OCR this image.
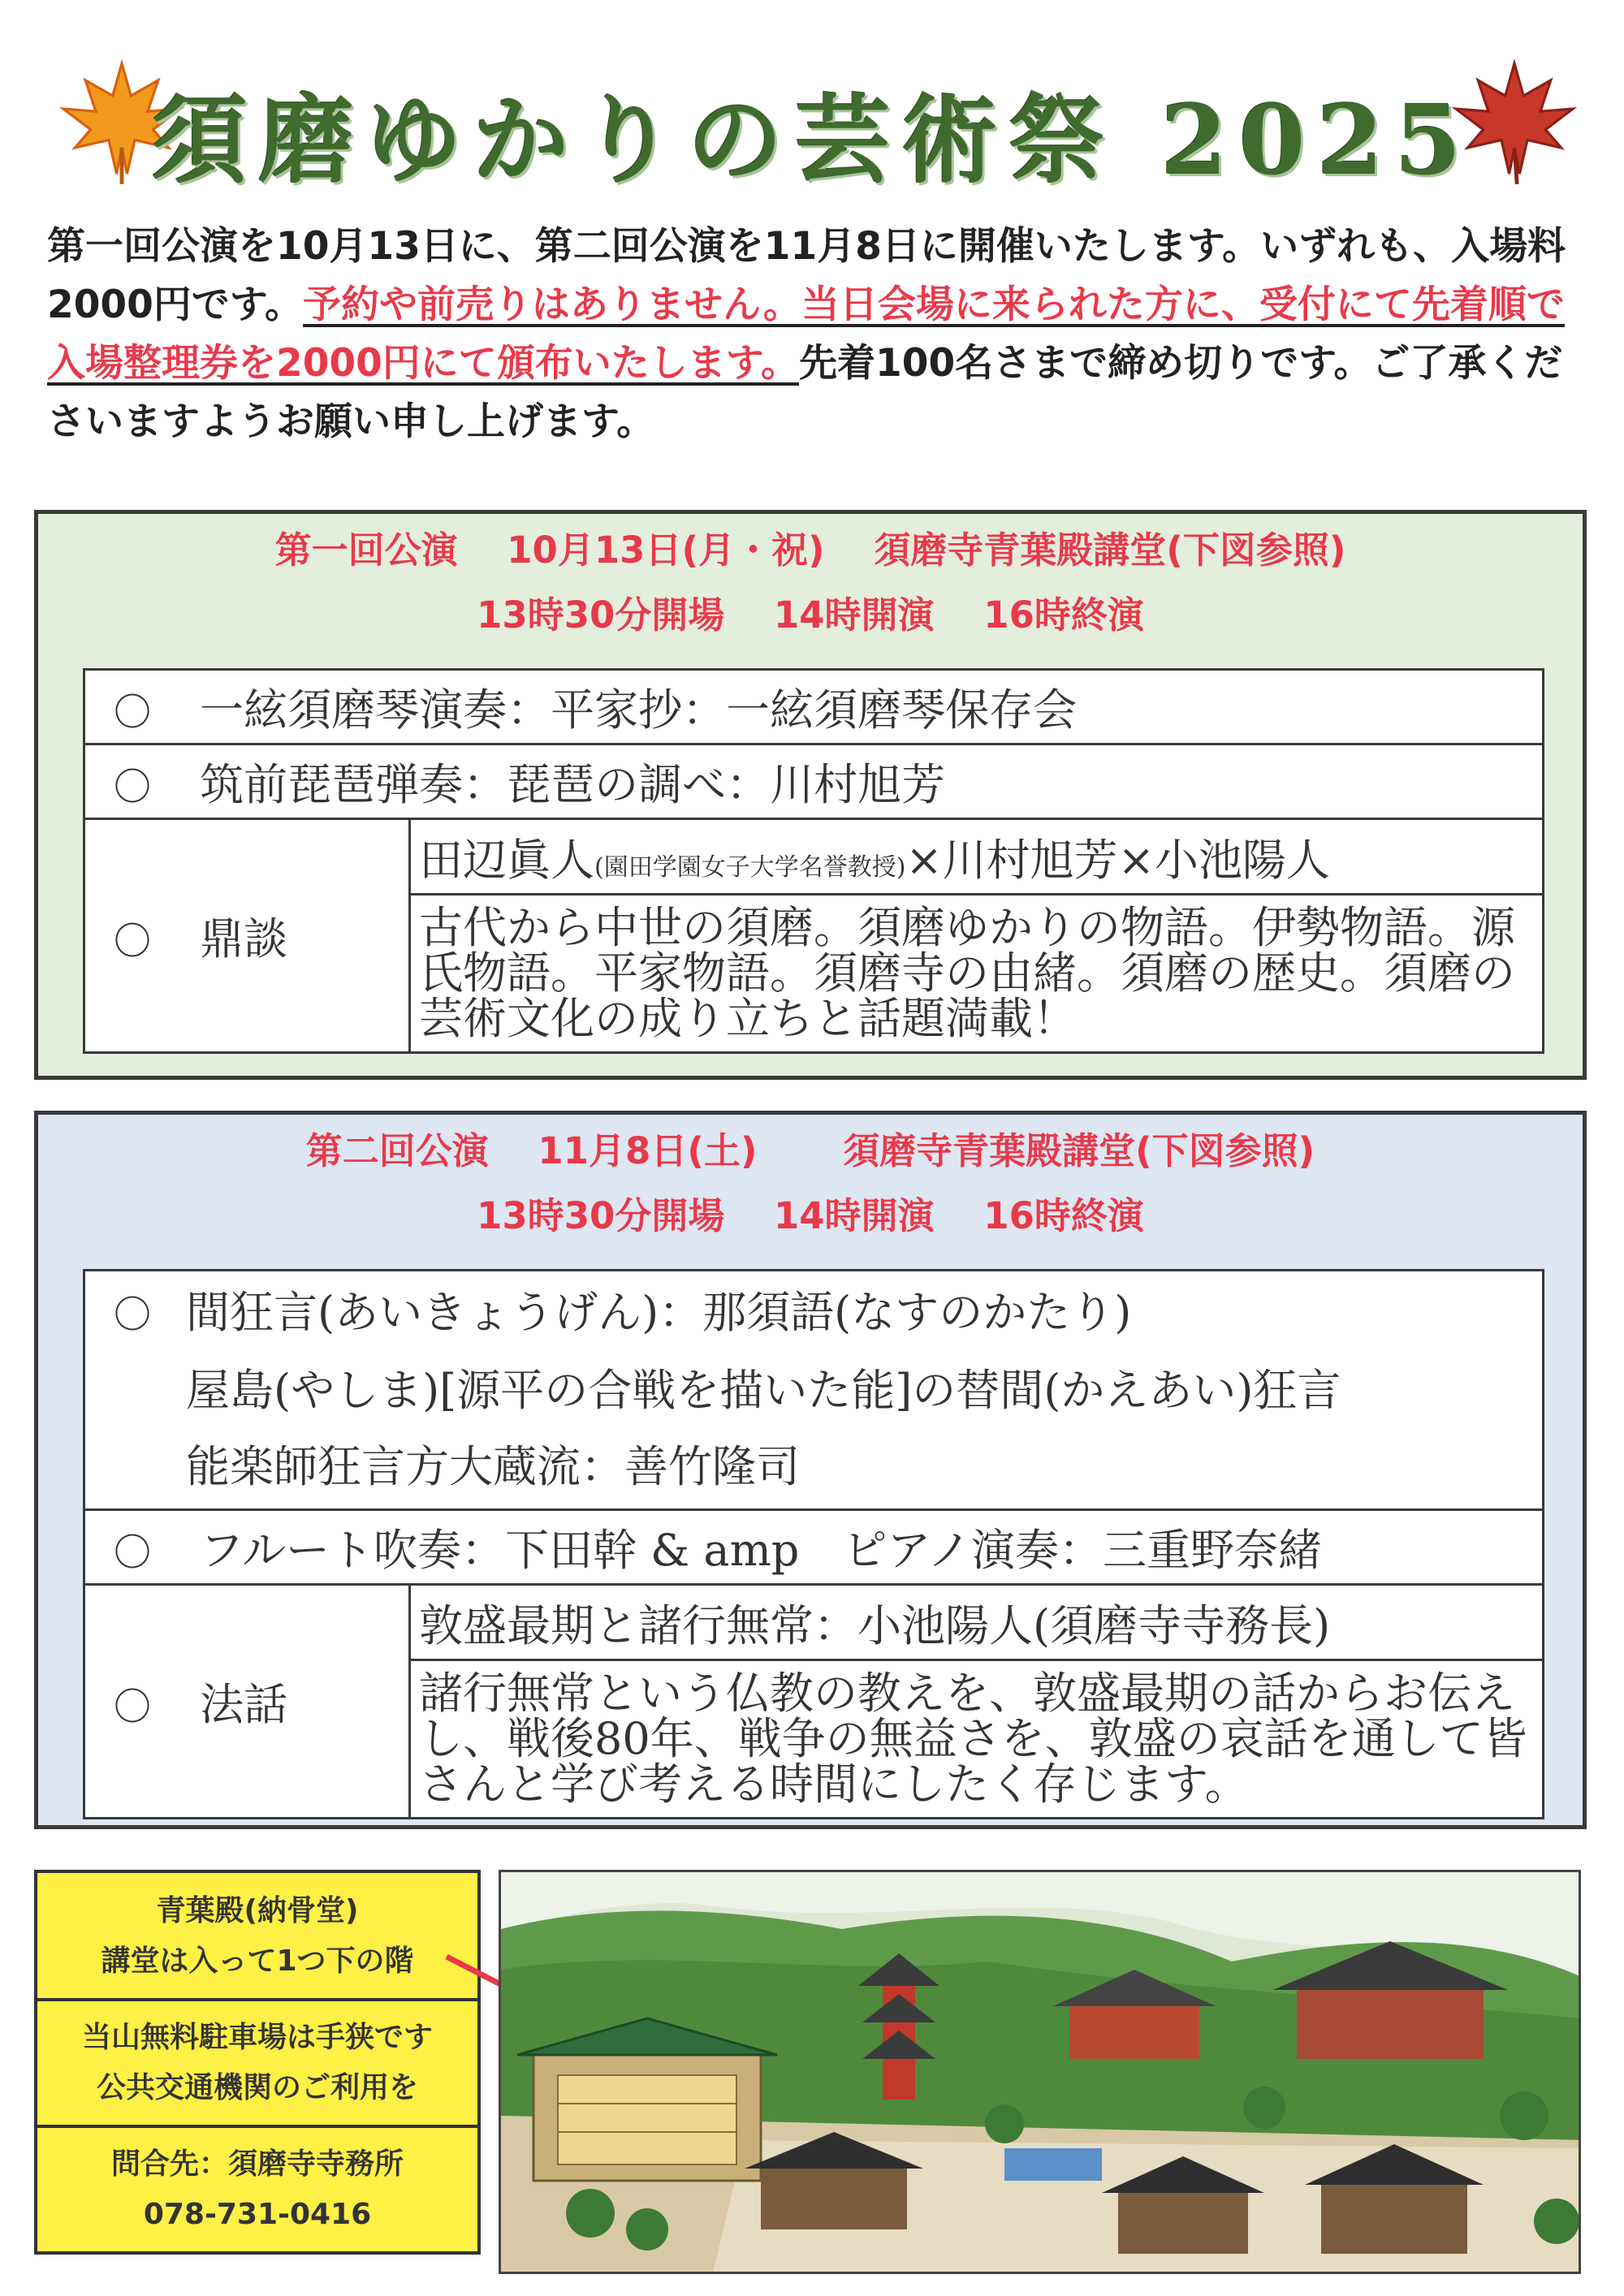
須磨ゆかりの芸術祭 2025
第一回公演を10月13日に、第二回公演を11月8日に開催いたします。いずれも、入場料2000円です。予約や前売りはありません。当日会場に来られた方に、受付にて先着順で入場整理券を2000円にて頒布いたします。先着100名さまで締め切りです。ご了承くださいますようお願い申し上げます。
第一回公演　 10月13日(月・祝)　 須磨寺青葉殿講堂(下図参照)
13時30分開場　 14時開演　 16時終演
〇 一絃須磨琴演奏：平家抄：一絃須磨琴保存会
〇 筑前琵琶弾奏：琵琶の調べ：川村旭芳
〇 鼎談	田辺眞人(園田学園女子大学名誉教授)×川村旭芳×小池陽人
古代から中世の須磨。須磨ゆかりの物語。伊勢物語。源氏物語。平家物語。須磨寺の由緒。須磨の歴史。須磨の芸術文化の成り立ちと話題満載！
第二回公演　 11月8日(土)　　 須磨寺青葉殿講堂(下図参照)
13時30分開場　 14時開演　 16時終演
〇 間狂言(あいきょうげん)：那須語(なすのかたり)
屋島(やしま)[源平の合戦を描いた能]の替間(かえあい)狂言
能楽師狂言方大蔵流：善竹隆司

〇 フルート吹奏：下田幹 & amp　ピアノ演奏：三重野奈緒
〇 法話	敦盛最期と諸行無常：小池陽人(須磨寺寺務長)
諸行無常という仏教の教えを、敦盛最期の話からお伝えし、戦後80年、戦争の無益さを、敦盛の哀話を通して皆さんと学び考える時間にしたく存じます。
青葉殿(納骨堂)
講堂は入って1つ下の階
当山無料駐車場は手狭です
公共交通機関のご利用を
問合先：須磨寺寺務所
078-731-0416
